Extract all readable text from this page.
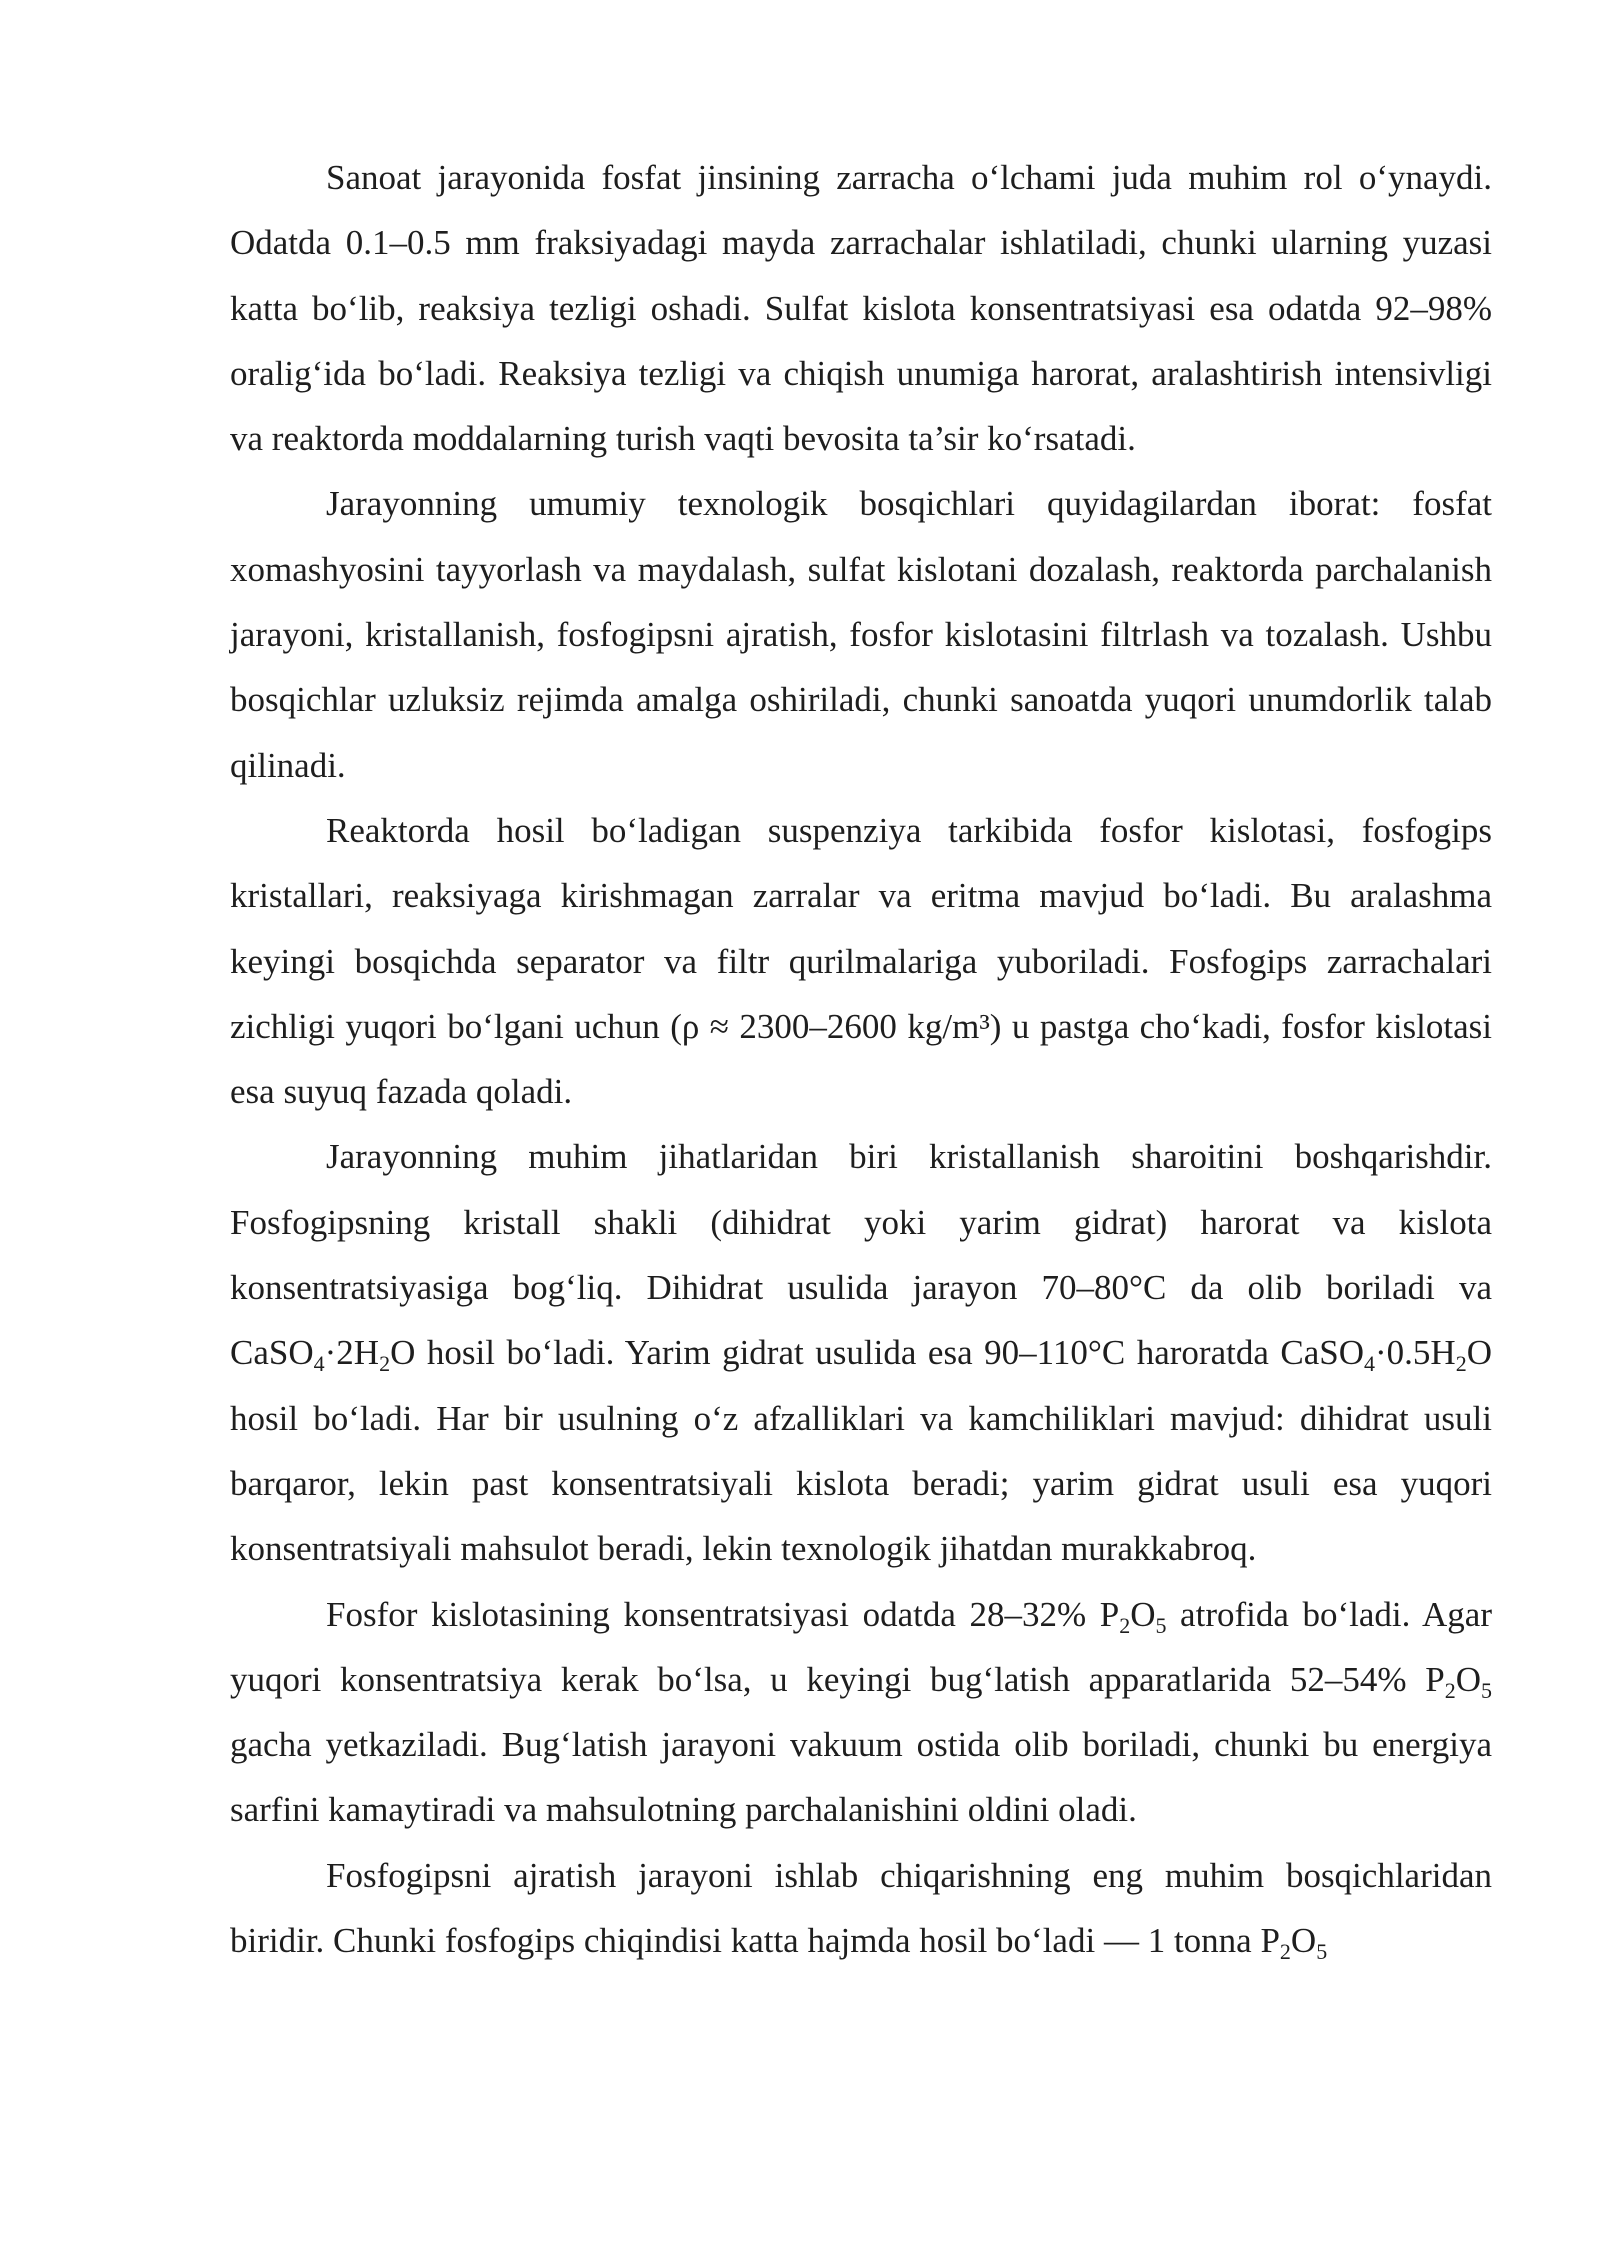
Sanoat jarayonida fosfat jinsining zarracha o‘lchami juda muhim rol o‘ynaydi. Odatda 0.1–0.5 mm fraksiyadagi mayda zarrachalar ishlatiladi, chunki ularning yuzasi katta bo‘lib, reaksiya tezligi oshadi. Sulfat kislota konsentratsiyasi esa odatda 92–98% oralig‘ida bo‘ladi. Reaksiya tezligi va chiqish unumiga harorat, aralashtirish intensivligi va reaktorda moddalarning turish vaqti bevosita ta’sir ko‘rsatadi.

Jarayonning umumiy texnologik bosqichlari quyidagilardan iborat: fosfat xomashyosini tayyorlash va maydalash, sulfat kislotani dozalash, reaktorda parchalanish jarayoni, kristallanish, fosfogipsni ajratish, fosfor kislotasini filtrlash va tozalash. Ushbu bosqichlar uzluksiz rejimda amalga oshiriladi, chunki sanoatda yuqori unumdorlik talab qilinadi.

Reaktorda hosil bo‘ladigan suspenziya tarkibida fosfor kislotasi, fosfogips kristallari, reaksiyaga kirishmagan zarralar va eritma mavjud bo‘ladi. Bu aralashma keyingi bosqichda separator va filtr qurilmalariga yuboriladi. Fosfogips zarrachalari zichligi yuqori bo‘lgani uchun (ρ ≈ 2300–2600 kg/m³) u pastga cho‘kadi, fosfor kislotasi esa suyuq fazada qoladi.

Jarayonning muhim jihatlaridan biri kristallanish sharoitini boshqarishdir. Fosfogipsning kristall shakli (dihidrat yoki yarim gidrat) harorat va kislota konsentratsiyasiga bog‘liq. Dihidrat usulida jarayon 70–80°C da olib boriladi va $CaSO_4\cdot 2H_2O$ hosil bo‘ladi. Yarim gidrat usulida esa 90–110°C haroratda $CaSO_4\cdot 0.5H_2O$ hosil bo‘ladi. Har bir usulning o‘z afzalliklari va kamchiliklari mavjud: dihidrat usuli barqaror, lekin past konsentratsiyali kislota beradi; yarim gidrat usuli esa yuqori konsentratsiyali mahsulot beradi, lekin texnologik jihatdan murakkabroq.

Fosfor kislotasining konsentratsiyasi odatda 28–32% $P_2O_5$ atrofida bo‘ladi. Agar yuqori konsentratsiya kerak bo‘lsa, u keyingi bug‘latish apparatlarida 52–54% $P_2O_5$ gacha yetkaziladi. Bug‘latish jarayoni vakuum ostida olib boriladi, chunki bu energiya sarfini kamaytiradi va mahsulotning parchalanishini oldini oladi.

Fosfogipsni ajratish jarayoni ishlab chiqarishning eng muhim bosqichlaridan biridir. Chunki fosfogips chiqindisi katta hajmda hosil bo‘ladi — 1 tonna $P_2O_5$
